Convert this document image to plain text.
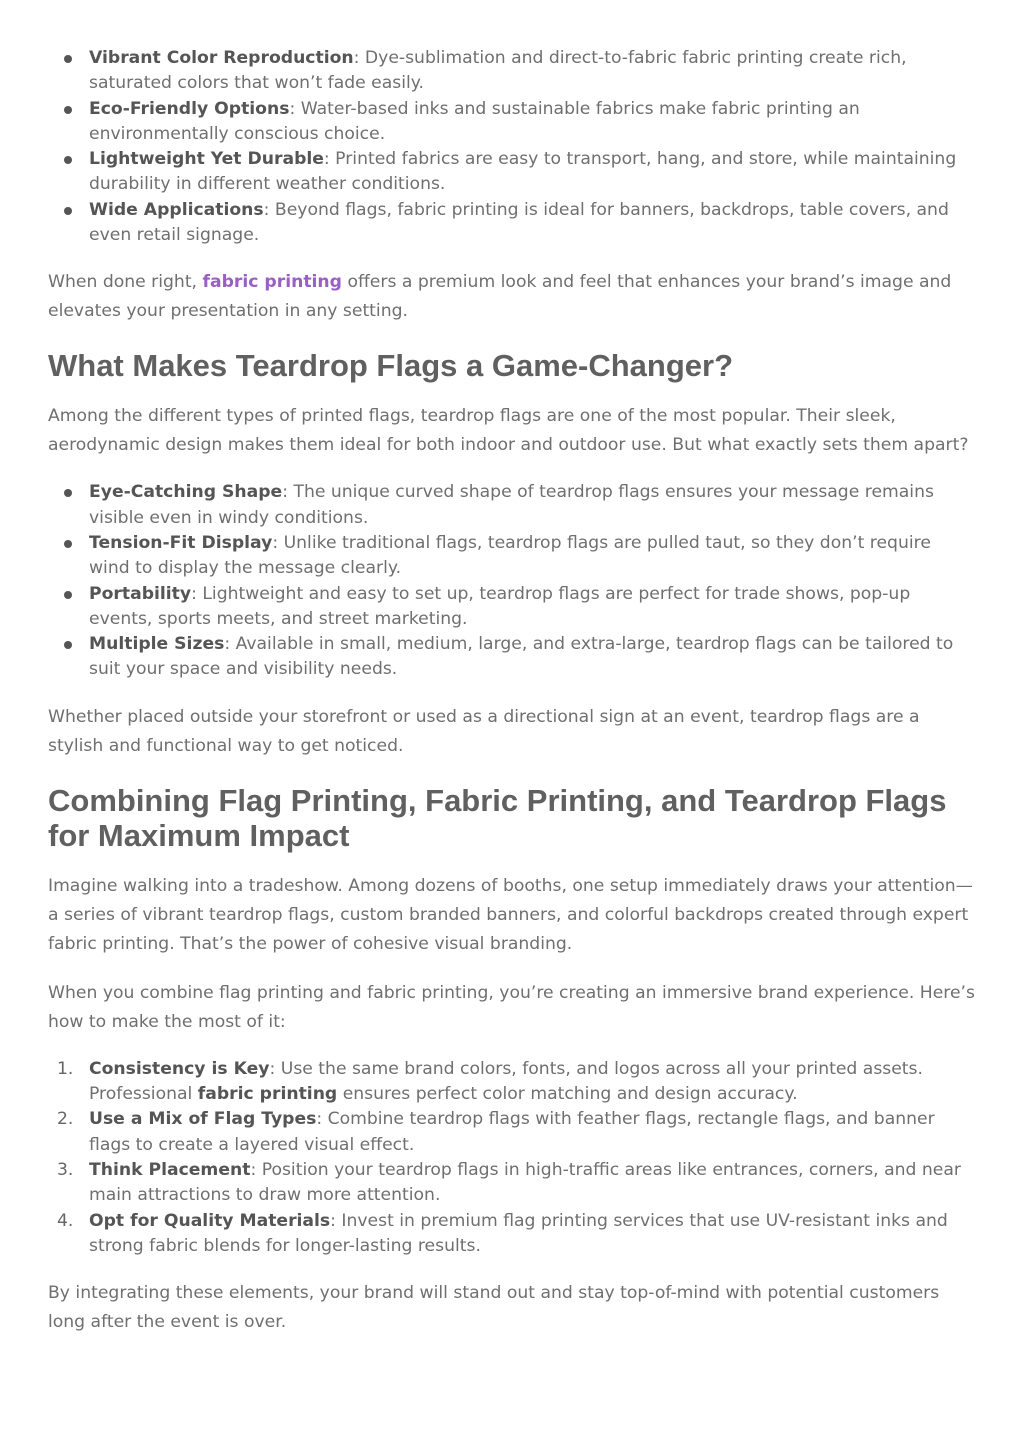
Vibrant Color Reproduction: Dye-sublimation and direct-to-fabric fabric printing create rich, saturated colors that won’t fade easily.
Eco-Friendly Options: Water-based inks and sustainable fabrics make fabric printing an environmentally conscious choice.
Lightweight Yet Durable: Printed fabrics are easy to transport, hang, and store, while maintaining durability in different weather conditions.
Wide Applications: Beyond flags, fabric printing is ideal for banners, backdrops, table covers, and even retail signage.

When done right, fabric printing offers a premium look and feel that enhances your brand’s image and elevates your presentation in any setting.

What Makes Teardrop Flags a Game-Changer?

Among the different types of printed flags, teardrop flags are one of the most popular. Their sleek, aerodynamic design makes them ideal for both indoor and outdoor use. But what exactly sets them apart?

Eye-Catching Shape: The unique curved shape of teardrop flags ensures your message remains visible even in windy conditions.
Tension-Fit Display: Unlike traditional flags, teardrop flags are pulled taut, so they don’t require wind to display the message clearly.
Portability: Lightweight and easy to set up, teardrop flags are perfect for trade shows, pop-up events, sports meets, and street marketing.
Multiple Sizes: Available in small, medium, large, and extra-large, teardrop flags can be tailored to suit your space and visibility needs.

Whether placed outside your storefront or used as a directional sign at an event, teardrop flags are a stylish and functional way to get noticed.

Combining Flag Printing, Fabric Printing, and Teardrop Flags for Maximum Impact

Imagine walking into a tradeshow. Among dozens of booths, one setup immediately draws your attention—a series of vibrant teardrop flags, custom branded banners, and colorful backdrops created through expert fabric printing. That’s the power of cohesive visual branding.

When you combine flag printing and fabric printing, you’re creating an immersive brand experience. Here’s how to make the most of it:

1. Consistency is Key: Use the same brand colors, fonts, and logos across all your printed assets. Professional fabric printing ensures perfect color matching and design accuracy.
2. Use a Mix of Flag Types: Combine teardrop flags with feather flags, rectangle flags, and banner flags to create a layered visual effect.
3. Think Placement: Position your teardrop flags in high-traffic areas like entrances, corners, and near main attractions to draw more attention.
4. Opt for Quality Materials: Invest in premium flag printing services that use UV-resistant inks and strong fabric blends for longer-lasting results.

By integrating these elements, your brand will stand out and stay top-of-mind with potential customers long after the event is over.
